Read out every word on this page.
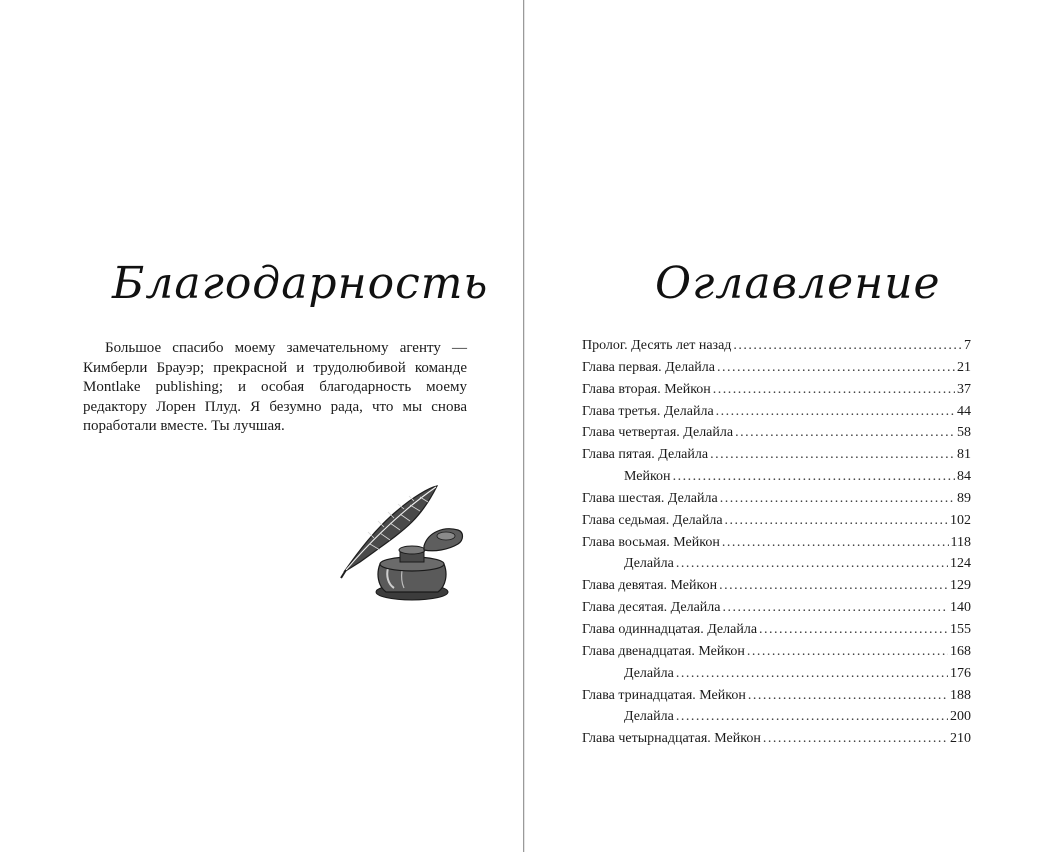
Благодарность

Большое спасибо моему замечательному агенту — Кимберли Брауэр; прекрасной и трудолюбивой команде Montlake publishing; и особая благодарность моему редактору Лорен Плуд. Я безумно рада, что мы снова поработали вместе. Ты лучшая.

Оглавление
Пролог. Десять лет назад . . .	7
Глава первая. Делайла . . .	21
Глава вторая. Мейкон . . .	37
Глава третья. Делайла . . .	44
Глава четвертая. Делайла . . .	58
Глава пятая. Делайла . . .	81
Мейкон . . .	84
Глава шестая. Делайла . . .	89
Глава седьмая. Делайла . . .	102
Глава восьмая. Мейкон . . .	118
Делайла . . .	124
Глава девятая. Мейкон . . .	129
Глава десятая. Делайла . . .	140
Глава одиннадцатая. Делайла . . .	155
Глава двенадцатая. Мейкон . . .	168
Делайла . . .	176
Глава тринадцатая. Мейкон . . .	188
Делайла . . .	200
Глава четырнадцатая. Мейкон . . .	210
